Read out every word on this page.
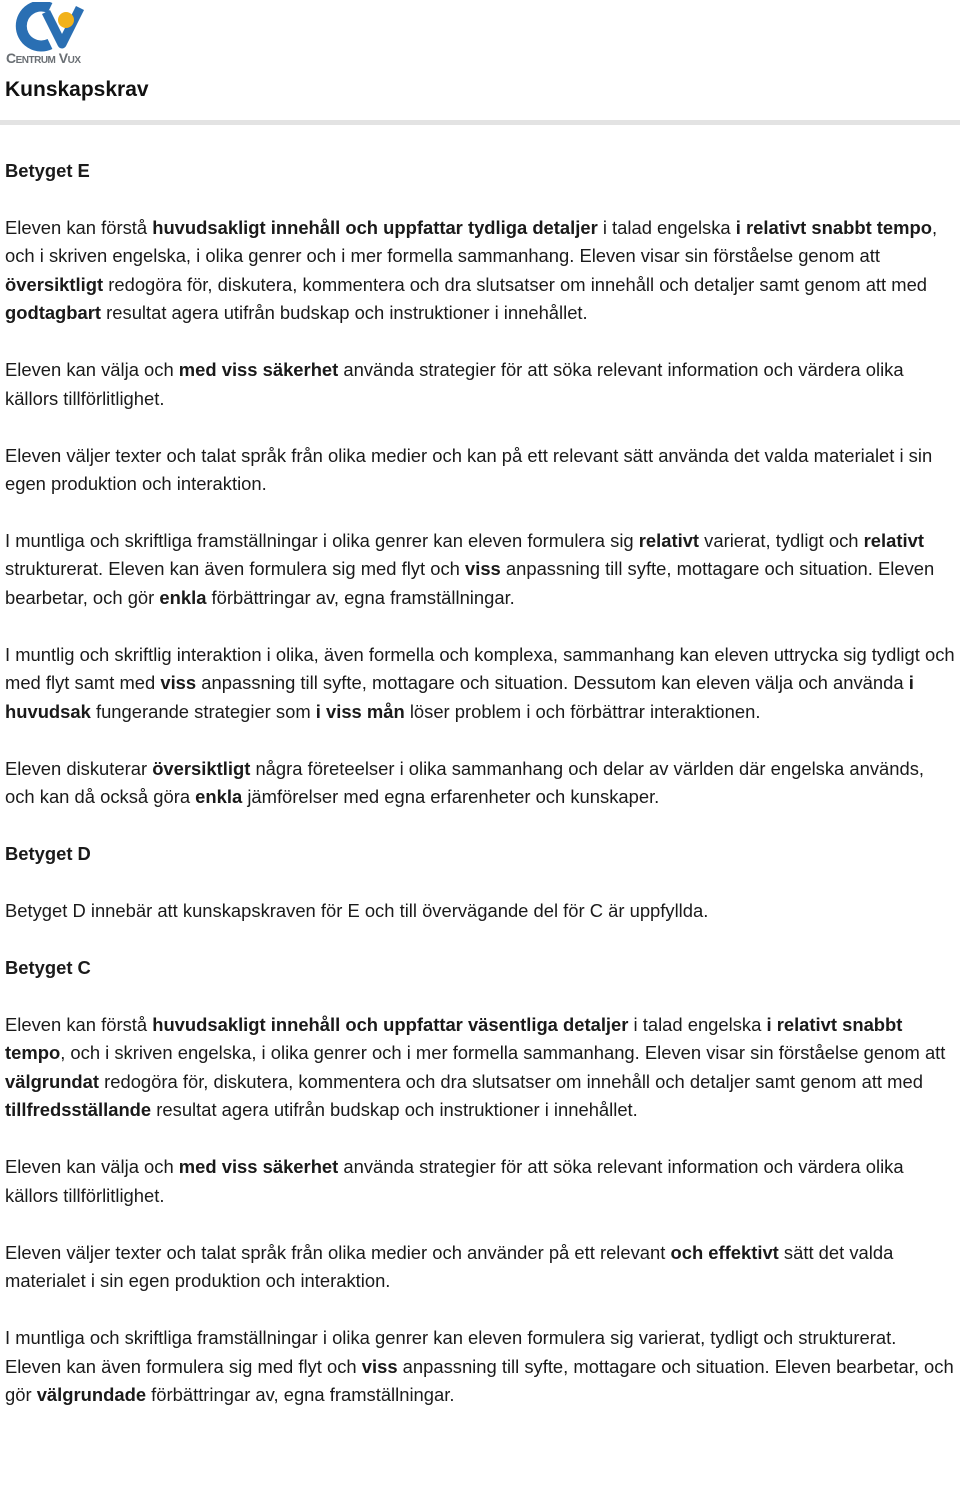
Centrum Vux
Kunskapskrav
Betyget E

Eleven kan förstå huvudsakligt innehåll och uppfattar tydliga detaljer i talad engelska i relativt snabbt tempo, och i skriven engelska, i olika genrer och i mer formella sammanhang. Eleven visar sin förståelse genom att översiktligt redogöra för, diskutera, kommentera och dra slutsatser om innehåll och detaljer samt genom att med godtagbart resultat agera utifrån budskap och instruktioner i innehållet.

Eleven kan välja och med viss säkerhet använda strategier för att söka relevant information och värdera olika källors tillförlitlighet.

Eleven väljer texter och talat språk från olika medier och kan på ett relevant sätt använda det valda materialet i sin egen produktion och interaktion.

I muntliga och skriftliga framställningar i olika genrer kan eleven formulera sig relativt varierat, tydligt och relativt strukturerat. Eleven kan även formulera sig med flyt och viss anpassning till syfte, mottagare och situation. Eleven bearbetar, och gör enkla förbättringar av, egna framställningar.

I muntlig och skriftlig interaktion i olika, även formella och komplexa, sammanhang kan eleven uttrycka sig tydligt och med flyt samt med viss anpassning till syfte, mottagare och situation. Dessutom kan eleven välja och använda i huvudsak fungerande strategier som i viss mån löser problem i och förbättrar interaktionen.

Eleven diskuterar översiktligt några företeelser i olika sammanhang och delar av världen där engelska används, och kan då också göra enkla jämförelser med egna erfarenheter och kunskaper.

Betyget D

Betyget D innebär att kunskapskraven för E och till övervägande del för C är uppfyllda.

Betyget C

Eleven kan förstå huvudsakligt innehåll och uppfattar väsentliga detaljer i talad engelska i relativt snabbt tempo, och i skriven engelska, i olika genrer och i mer formella sammanhang. Eleven visar sin förståelse genom att välgrundat redogöra för, diskutera, kommentera och dra slutsatser om innehåll och detaljer samt genom att med tillfredsställande resultat agera utifrån budskap och instruktioner i innehållet.

Eleven kan välja och med viss säkerhet använda strategier för att söka relevant information och värdera olika källors tillförlitlighet.

Eleven väljer texter och talat språk från olika medier och använder på ett relevant och effektivt sätt det valda materialet i sin egen produktion och interaktion.

I muntliga och skriftliga framställningar i olika genrer kan eleven formulera sig varierat, tydligt och strukturerat. Eleven kan även formulera sig med flyt och viss anpassning till syfte, mottagare och situation. Eleven bearbetar, och gör välgrundade förbättringar av, egna framställningar.
